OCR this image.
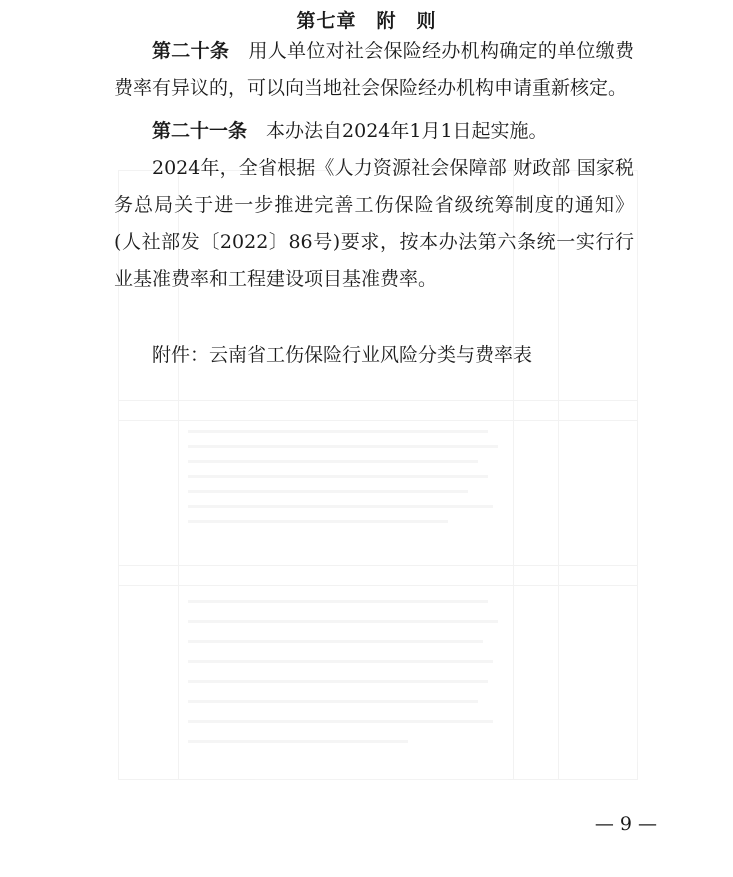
第七章　附　则

第二十条　 用人单位对社会保险经办机构确定的单位缴费费率有异议的，可以向当地社会保险经办机构申请重新核定。

第二十一条　 本办法自2024年1月1日起实施。

2024年，全省根据《人力资源社会保障部 财政部 国家税务总局关于进一步推进完善工伤保险省级统筹制度的通知》(人社部发〔2022〕86号)要求，按本办法第六条统一实行行业基准费率和工程建设项目基准费率。

附件：云南省工伤保险行业风险分类与费率表

— 9 —
